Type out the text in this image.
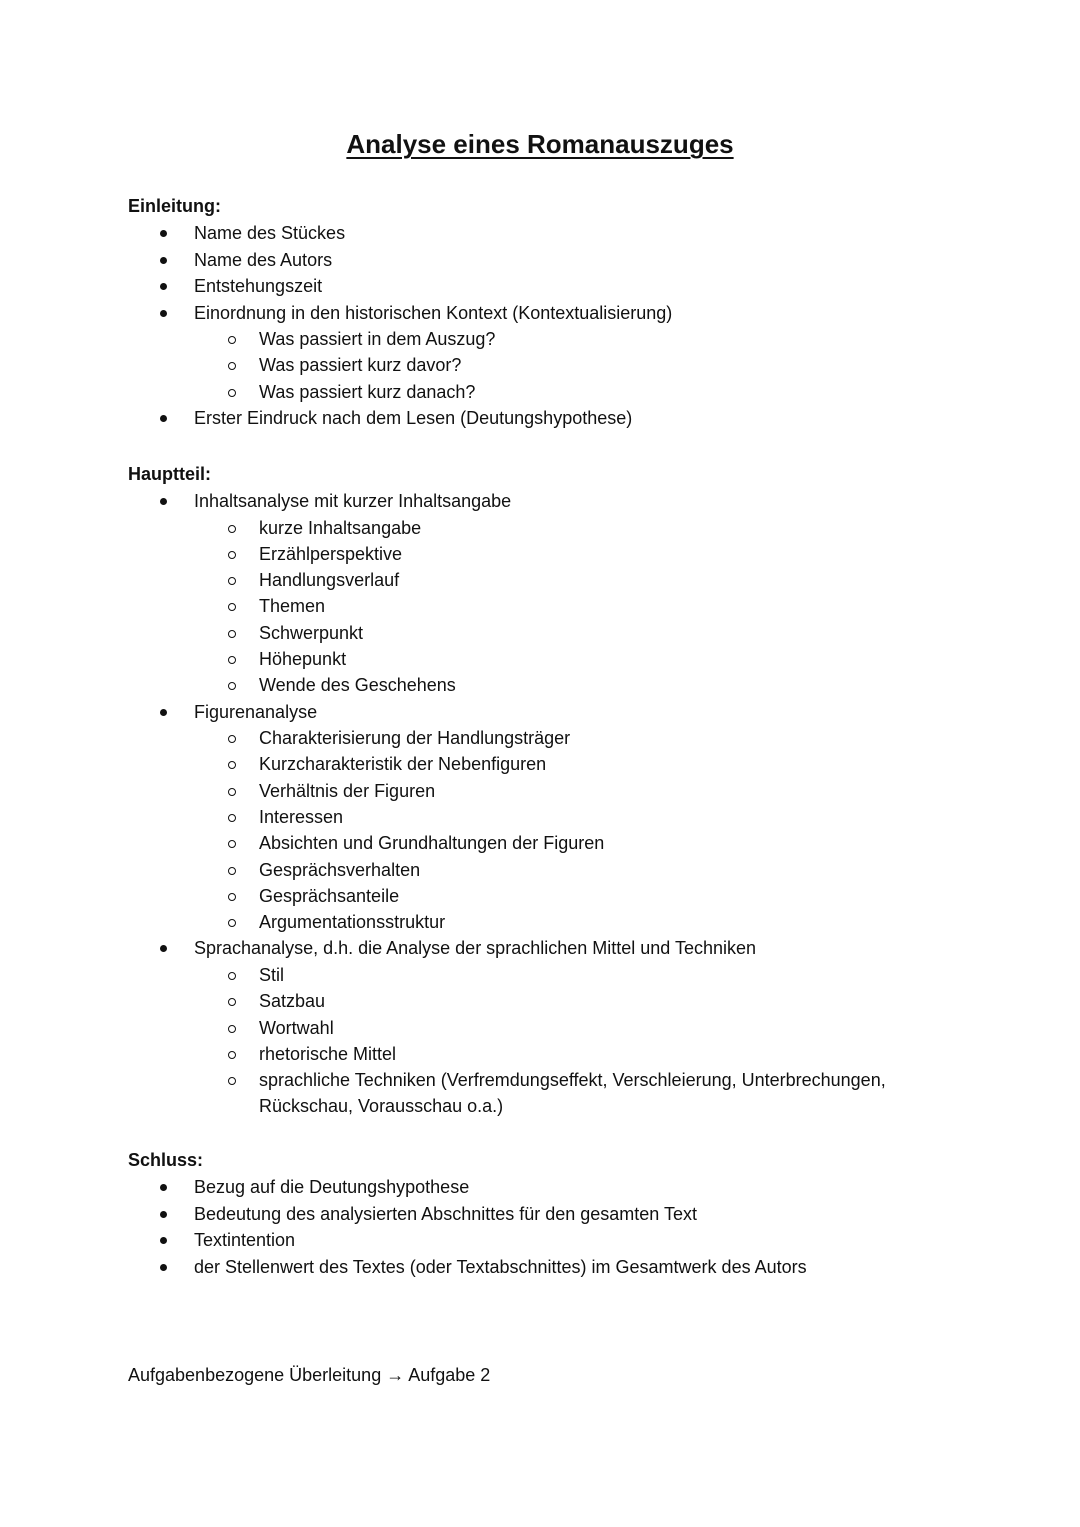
Analyse eines Romanauszuges
Einleitung:
Name des Stückes
Name des Autors
Entstehungszeit
Einordnung in den historischen Kontext (Kontextualisierung)
Was passiert in dem Auszug?
Was passiert kurz davor?
Was passiert kurz danach?
Erster Eindruck nach dem Lesen (Deutungshypothese)
Hauptteil:
Inhaltsanalyse mit kurzer Inhaltsangabe
kurze Inhaltsangabe
Erzählperspektive
Handlungsverlauf
Themen
Schwerpunkt
Höhepunkt
Wende des Geschehens
Figurenanalyse
Charakterisierung der Handlungsträger
Kurzcharakteristik der Nebenfiguren
Verhältnis der Figuren
Interessen
Absichten und Grundhaltungen der Figuren
Gesprächsverhalten
Gesprächsanteile
Argumentationsstruktur
Sprachanalyse, d.h. die Analyse der sprachlichen Mittel und Techniken
Stil
Satzbau
Wortwahl
rhetorische Mittel
sprachliche Techniken (Verfremdungseffekt, Verschleierung, Unterbrechungen, Rückschau, Vorausschau o.a.)
Schluss:
Bezug auf die Deutungshypothese
Bedeutung des analysierten Abschnittes für den gesamten Text
Textintention
der Stellenwert des Textes (oder Textabschnittes) im Gesamtwerk des Autors
Aufgabenbezogene Überleitung → Aufgabe 2
